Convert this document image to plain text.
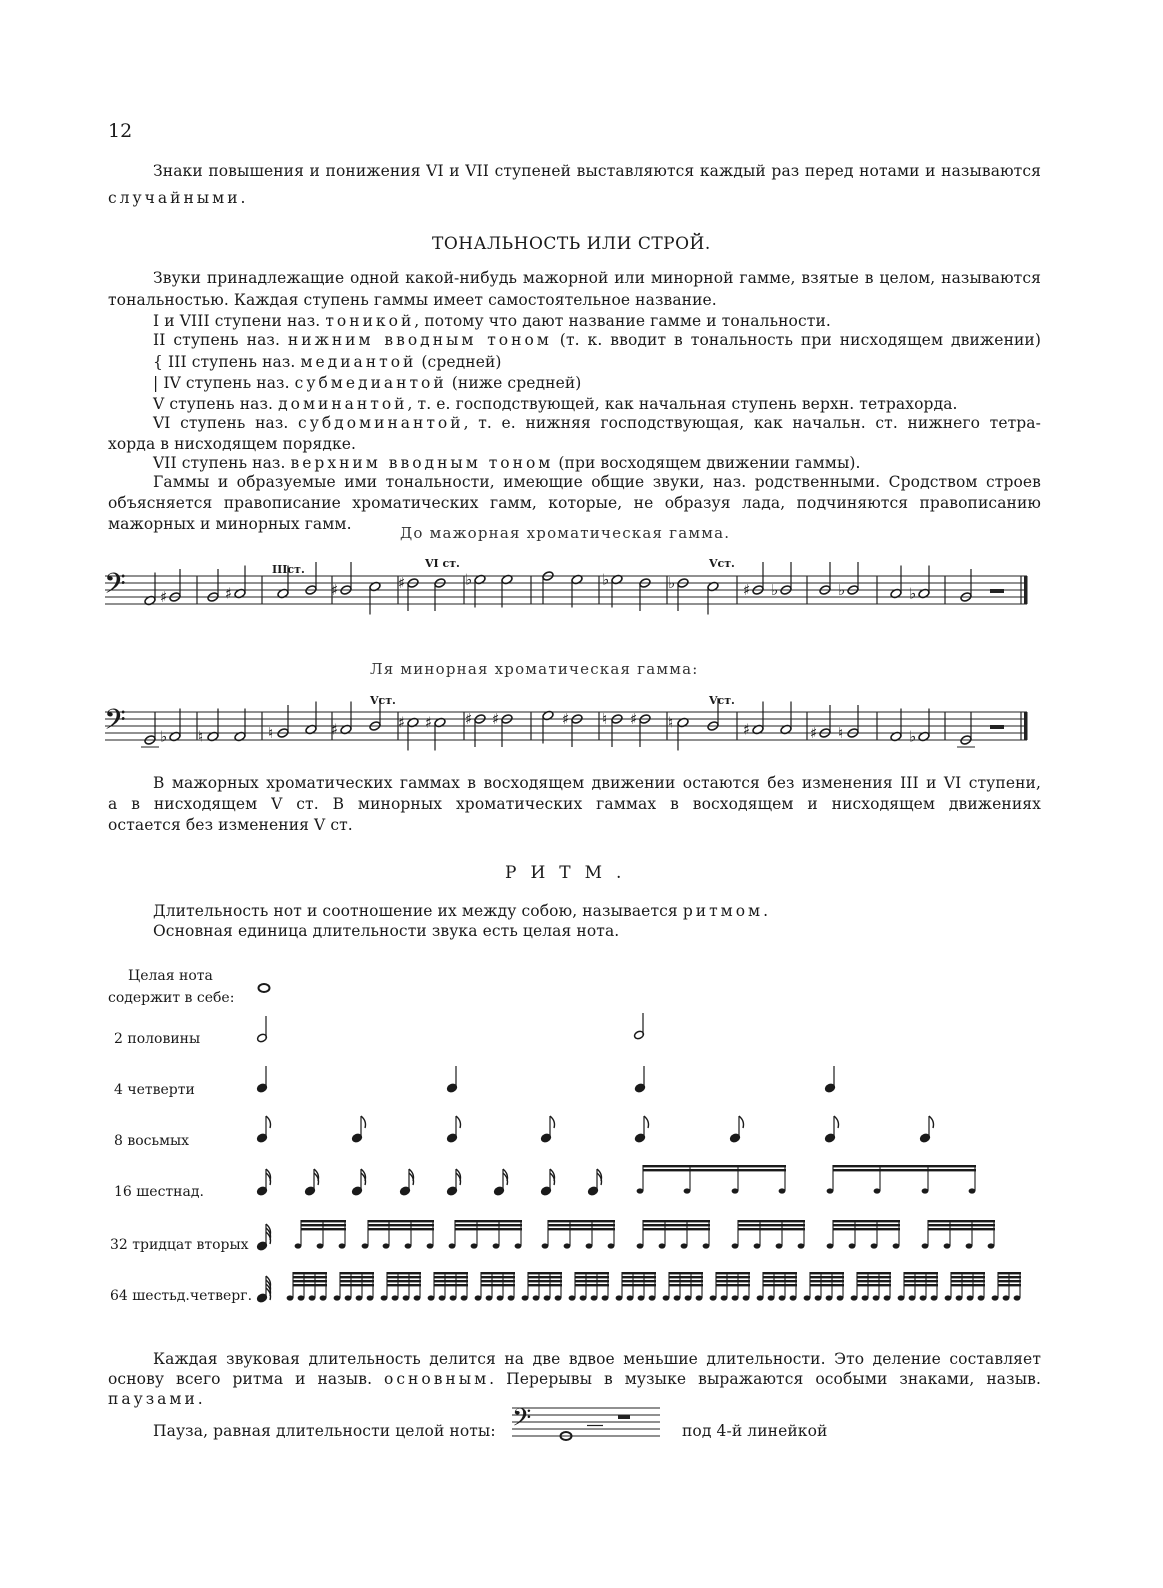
12
Знаки повышения и понижения VI и VII ступеней выставляются каждый раз перед нотами и называются
случайными.
ТОНАЛЬНОСТЬ ИЛИ СТРОЙ.
Звуки принадлежащие одной какой-нибудь мажорной или минорной гамме, взятые в целом, называются
тональностью. Каждая ступень гаммы имеет самостоятельное название.
I и VIII ступени наз. тоникой, потому что дают название гамме и тональности.
II ступень наз. нижним вводным тоном (т. к. вводит в тональность при нисходящем движении)
{ III ступень наз. медиантой (средней)
| IV ступень наз. субмедиантой (ниже средней)
V ступень наз. доминантой, т. е. господствующей, как начальная ступень верхн. тетрахорда.
VI ступень наз. субдоминантой, т. е. нижняя господствующая, как начальн. ст. нижнего тетра-
хорда в нисходящем порядке.
VII ступень наз. верхним вводным тоном (при восходящем движении гаммы).
Гаммы и образуемые ими тональности, имеющие общие звуки, наз. родственными. Сродством строев
объясняется правописание хроматических гамм, которые, не образуя лада, подчиняются правописанию
мажорных и минорных гамм.	До мажорная хроматическая гамма.
IIIст.	VI ст.	Vст.
𝄢 ♯	♯	♯	♯	♭	♭	♭	♯ ♭	♭	♭
Ля минорная хроматическая гамма:
Vст.	Vст.
𝄢 ♭ ♮	♮	♯	♯ ♯ ♯ ♯	♯ ♮ ♯ ♮	♯	♯ ♮	♭
В мажорных хроматических гаммах в восходящем движении остаются без изменения III и VI ступени,
а в нисходящем V ст. В минорных хроматических гаммах в восходящем и нисходящем движениях
остается без изменения V ст.
РИТМ.
Длительность нот и соотношение их между собою, называется ритмом.
Основная единица длительности звука есть целая нота.
Целая нота
содержит в себе:
2 половины
4 четверти
8 восьмых
16 шестнад.
32 тридцат вторых
64 шестьд.четверг.
Каждая звуковая длительность делится на две вдвое меньшие длительности. Это деление составляет
основу всего ритма и назыв. основным. Перерывы в музыке выражаются особыми знаками, назыв.
паузами.
Пауза, равная длительности целой ноты: 𝄢	под 4-й линейкой
